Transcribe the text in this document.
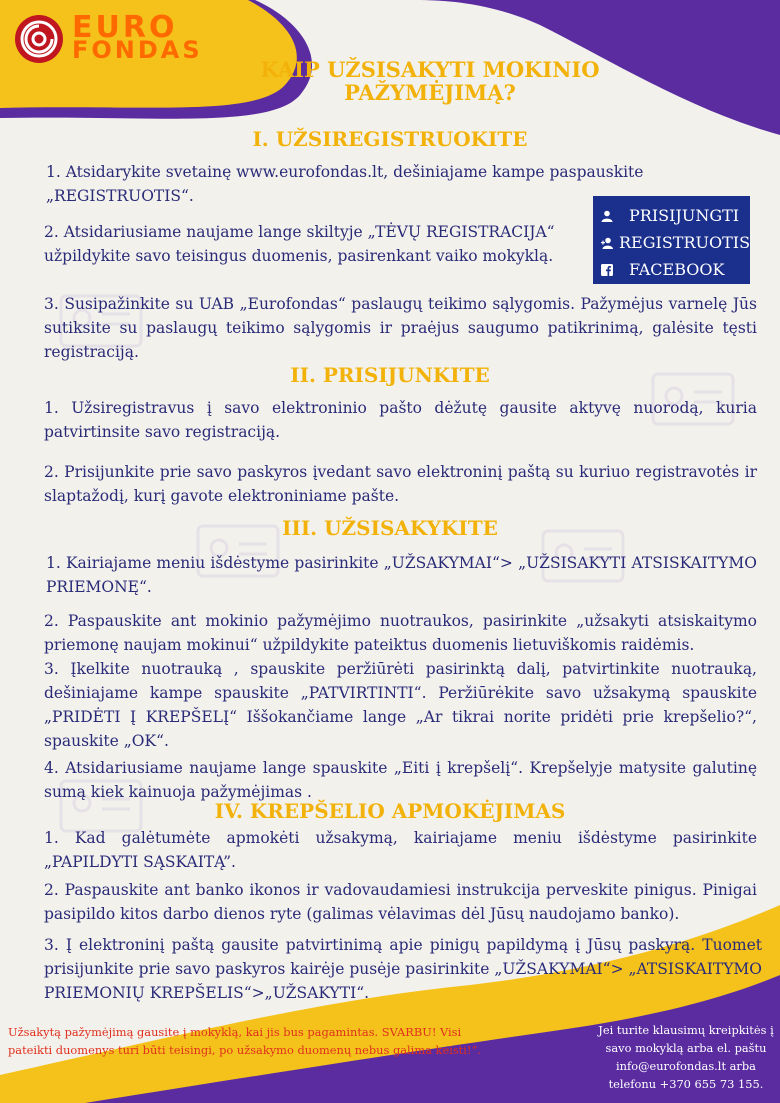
EURO
FONDAS
KAIP UŽSISAKYTI MOKINIO PAŽYMĖJIMĄ?
I. UŽSIREGISTRUOKITE
1. Atsidarykite svetainę www.eurofondas.lt, dešiniajame kampe paspauskite „REGISTRUOTIS“.
2. Atsidariusiame naujame lange skiltyje „TĖVŲ REGISTRACIJA“ užpildykite savo teisingus duomenis, pasirenkant vaiko mokyklą.
3. Susipažinkite su UAB „Eurofondas“ paslaugų teikimo sąlygomis. Pažymėjus varnelę Jūs sutiksite su paslaugų teikimo sąlygomis ir praėjus saugumo patikrinimą, galėsite tęsti registraciją.
PRISIJUNGTI
REGISTRUOTIS
FACEBOOK
II. PRISIJUNKITE
1. Užsiregistravus į savo elektroninio pašto dėžutę gausite aktyvę nuorodą, kuria patvirtinsite savo registraciją.
2. Prisijunkite prie savo paskyros įvedant savo elektroninį paštą su kuriuo registravotės ir slaptažodį, kurį gavote elektroniniame pašte.
III. UŽSISAKYKITE
1. Kairiajame meniu išdėstyme pasirinkite „UŽSAKYMAI“> „UŽSISAKYTI ATSISKAITYMO PRIEMONĘ“.
2. Paspauskite ant mokinio pažymėjimo nuotraukos, pasirinkite „užsakyti atsiskaitymo priemonę naujam mokinui“ užpildykite pateiktus duomenis lietuviškomis raidėmis.
3. Įkelkite nuotrauką , spauskite peržiūrėti pasirinktą dalį, patvirtinkite nuotrauką, dešiniajame kampe spauskite „PATVIRTINTI“. Peržiūrėkite savo užsakymą spauskite „PRIDĖTI Į KREPŠELĮ“ Iššokančiame lange „Ar tikrai norite pridėti prie krepšelio?“, spauskite „OK“.
4. Atsidariusiame naujame lange spauskite „Eiti į krepšelį“. Krepšelyje matysite galutinę sumą kiek kainuoja pažymėjimas .
IV. KREPŠELIO APMOKĖJIMAS
1. Kad galėtumėte apmokėti užsakymą, kairiajame meniu išdėstyme pasirinkite „PAPILDYTI SĄSKAITĄ”.
2. Paspauskite ant banko ikonos ir vadovaudamiesi instrukcija perveskite pinigus. Pinigai pasipildo kitos darbo dienos ryte (galimas vėlavimas dėl Jūsų naudojamo banko).
3. Į elektroninį paštą gausite patvirtinimą apie pinigų papildymą į Jūsų paskyrą. Tuomet prisijunkite prie savo paskyros kairėje pusėje pasirinkite „UŽSAKYMAI“> „ATSISKAITYMO PRIEMONIŲ KREPŠELIS“>„UŽSAKYTI“.
Užsakytą pažymėjimą gausite į mokyklą, kai jis bus pagamintas. SVARBU! Visi pateikti duomenys turi būti teisingi, po užsakymo duomenų nebus galima keisti!“.
Jei turite klausimų kreipkitės į savo mokyklą arba el. paštu info@eurofondas.lt arba telefonu +370 655 73 155.
